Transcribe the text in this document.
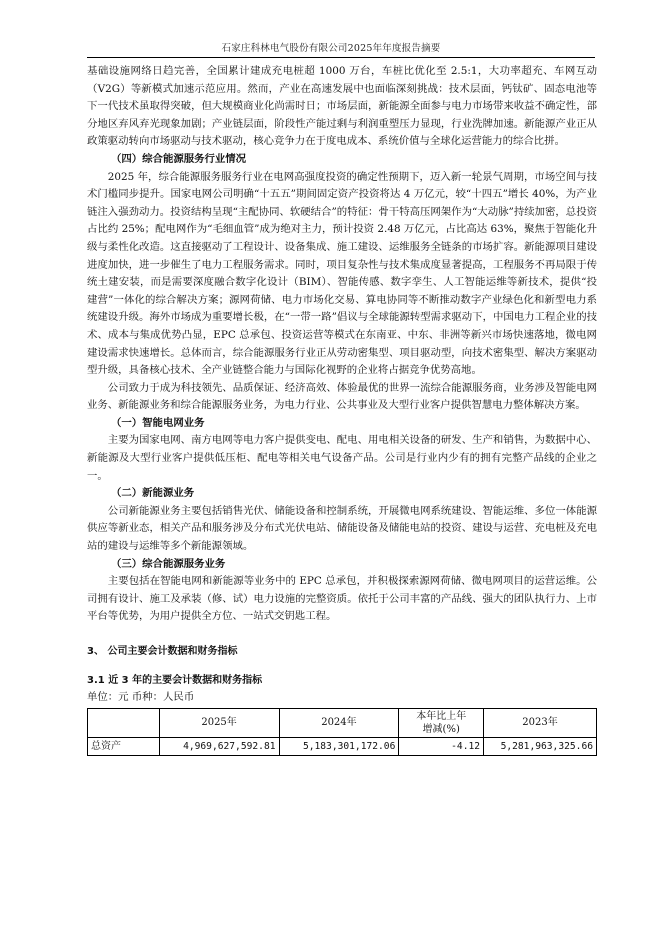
石家庄科林电气股份有限公司2025年年度报告摘要

基础设施网络日趋完善，全国累计建成充电桩超 1000 万台，车桩比优化至 2.5:1，大功率超充、车网互动（V2G）等新模式加速示范应用。然而，产业在高速发展中也面临深刻挑战：技术层面，钙钛矿、固态电池等下一代技术虽取得突破，但大规模商业化尚需时日；市场层面，新能源全面参与电力市场带来收益不确定性，部分地区弃风弃光现象加剧；产业链层面，阶段性产能过剩与利润重塑压力显现，行业洗牌加速。新能源产业正从政策驱动转向市场驱动与技术驱动，核心竞争力在于度电成本、系统价值与全球化运营能力的综合比拼。

（四）综合能源服务行业情况

2025 年，综合能源服务服务行业在电网高强度投资的确定性预期下，迈入新一轮景气周期，市场空间与技术门槛同步提升。国家电网公司明确“十五五”期间固定资产投资将达 4 万亿元，较“十四五”增长 40%，为产业链注入强劲动力。投资结构呈现“主配协同、软硬结合”的特征：骨干特高压网架作为“大动脉”持续加密，总投资占比约 25%；配电网作为“毛细血管”成为绝对主力，预计投资 2.48 万亿元，占比高达 63%，聚焦于智能化升级与柔性化改造。这直接驱动了工程设计、设备集成、施工建设、运维服务全链条的市场扩容。新能源项目建设进度加快，进一步催生了电力工程服务需求。同时，项目复杂性与技术集成度显著提高，工程服务不再局限于传统土建安装，而是需要深度融合数字化设计（BIM）、智能传感、数字孪生、人工智能运维等新技术，提供“投建营”一体化的综合解决方案；源网荷储、电力市场化交易、算电协同等不断推动数字产业绿色化和新型电力系统建设升级。海外市场成为重要增长极，在“一带一路”倡议与全球能源转型需求驱动下，中国电力工程企业的技术、成本与集成优势凸显，EPC 总承包、投资运营等模式在东南亚、中东、非洲等新兴市场快速落地，微电网建设需求快速增长。总体而言，综合能源服务行业正从劳动密集型、项目驱动型，向技术密集型、解决方案驱动型升级，具备核心技术、全产业链整合能力与国际化视野的企业将占据竞争优势高地。

公司致力于成为科技领先、品质保证、经济高效、体验最优的世界一流综合能源服务商，业务涉及智能电网业务、新能源业务和综合能源服务业务，为电力行业、公共事业及大型行业客户提供智慧电力整体解决方案。

（一）智能电网业务

主要为国家电网、南方电网等电力客户提供变电、配电、用电相关设备的研发、生产和销售，为数据中心、新能源及大型行业客户提供低压柜、配电等相关电气设备产品。公司是行业内少有的拥有完整产品线的企业之一。

（二）新能源业务

公司新能源业务主要包括销售光伏、储能设备和控制系统，开展微电网系统建设、智能运维、多位一体能源供应等新业态，相关产品和服务涉及分布式光伏电站、储能设备及储能电站的投资、建设与运营、充电桩及充电站的建设与运维等多个新能源领域。

（三）综合能源服务业务

主要包括在智能电网和新能源等业务中的 EPC 总承包，并积极探索源网荷储、微电网项目的运营运维。公司拥有设计、施工及承装（修、试）电力设施的完整资质。依托于公司丰富的产品线、强大的团队执行力、上市平台等优势，为用户提供全方位、一站式交钥匙工程。

3、 公司主要会计数据和财务指标

3.1 近 3 年的主要会计数据和财务指标

单位：元 币种：人民币

	2025年	2024年	本年比上年
增减(%)	2023年
总资产	4,969,627,592.81	5,183,301,172.06	-4.12	5,281,963,325.66
